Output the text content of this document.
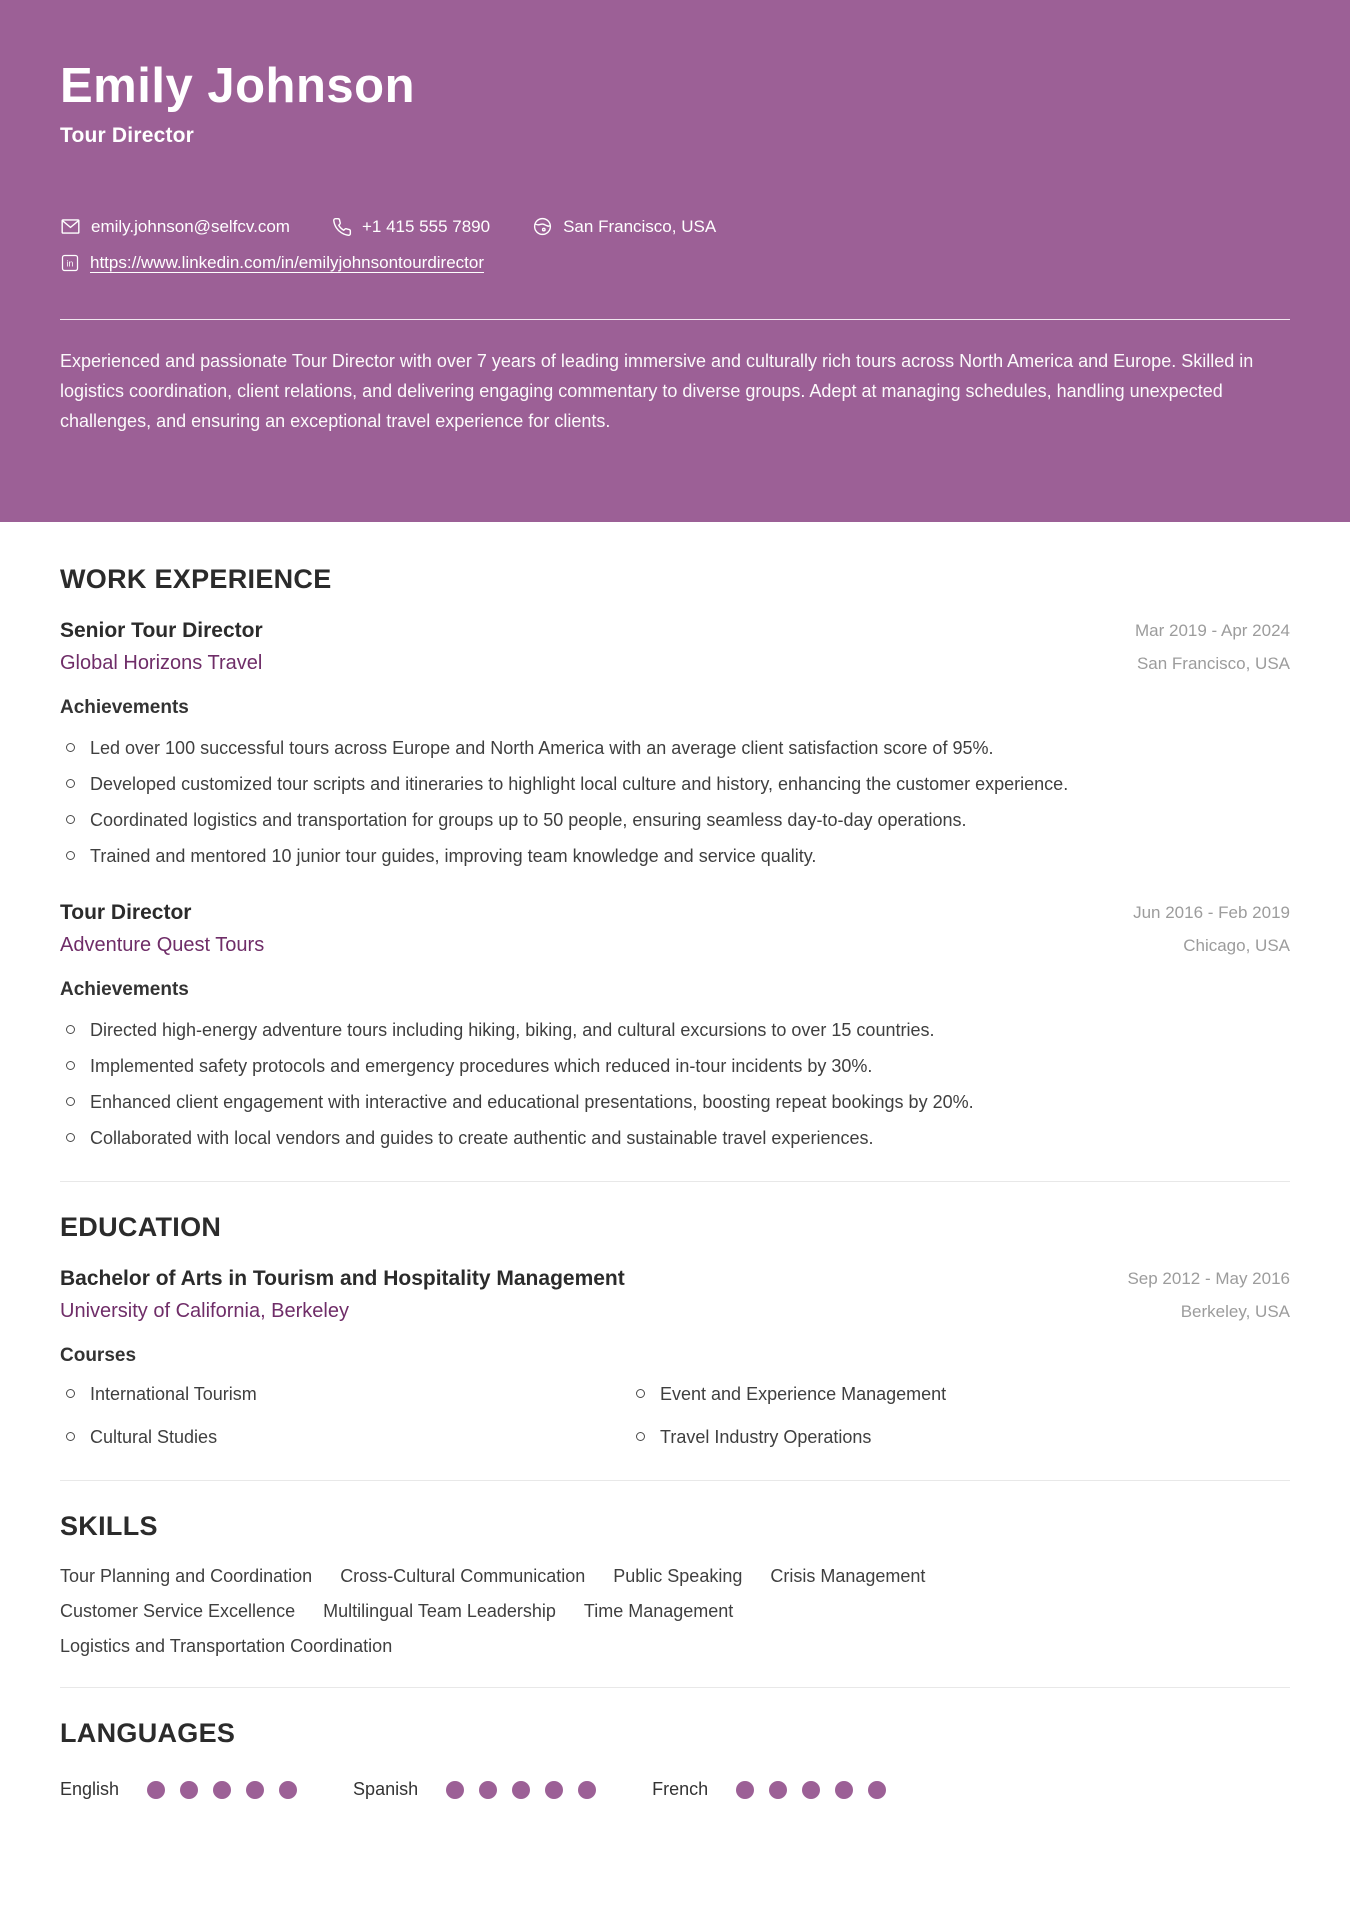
Emily Johnson
Tour Director
emily.johnson@selfcv.com	+1 415 555 7890	San Francisco, USA
in https://www.linkedin.com/in/emilyjohnsontourdirector

Experienced and passionate Tour Director with over 7 years of leading immersive and culturally rich tours across North America and Europe. Skilled in logistics coordination, client relations, and delivering engaging commentary to diverse groups. Adept at managing schedules, handling unexpected challenges, and ensuring an exceptional travel experience for clients.

WORK EXPERIENCE
Senior Tour Director
Global Horizons Travel
Mar 2019 - Apr 2024
San Francisco, USA
Achievements
Led over 100 successful tours across Europe and North America with an average client satisfaction score of 95%.
Developed customized tour scripts and itineraries to highlight local culture and history, enhancing the customer experience.
Coordinated logistics and transportation for groups up to 50 people, ensuring seamless day-to-day operations.
Trained and mentored 10 junior tour guides, improving team knowledge and service quality.
Tour Director
Adventure Quest Tours
Jun 2016 - Feb 2019
Chicago, USA
Achievements
Directed high-energy adventure tours including hiking, biking, and cultural excursions to over 15 countries.
Implemented safety protocols and emergency procedures which reduced in-tour incidents by 30%.
Enhanced client engagement with interactive and educational presentations, boosting repeat bookings by 20%.
Collaborated with local vendors and guides to create authentic and sustainable travel experiences.
EDUCATION
Bachelor of Arts in Tourism and Hospitality Management
University of California, Berkeley
Sep 2012 - May 2016
Berkeley, USA
Courses
International Tourism	Event and Experience Management
Cultural Studies	Travel Industry Operations
SKILLS
Tour Planning and Coordination Cross-Cultural Communication Public Speaking Crisis Management
Customer Service Excellence Multilingual Team Leadership Time Management
Logistics and Transportation Coordination
LANGUAGES
English	Spanish	French
